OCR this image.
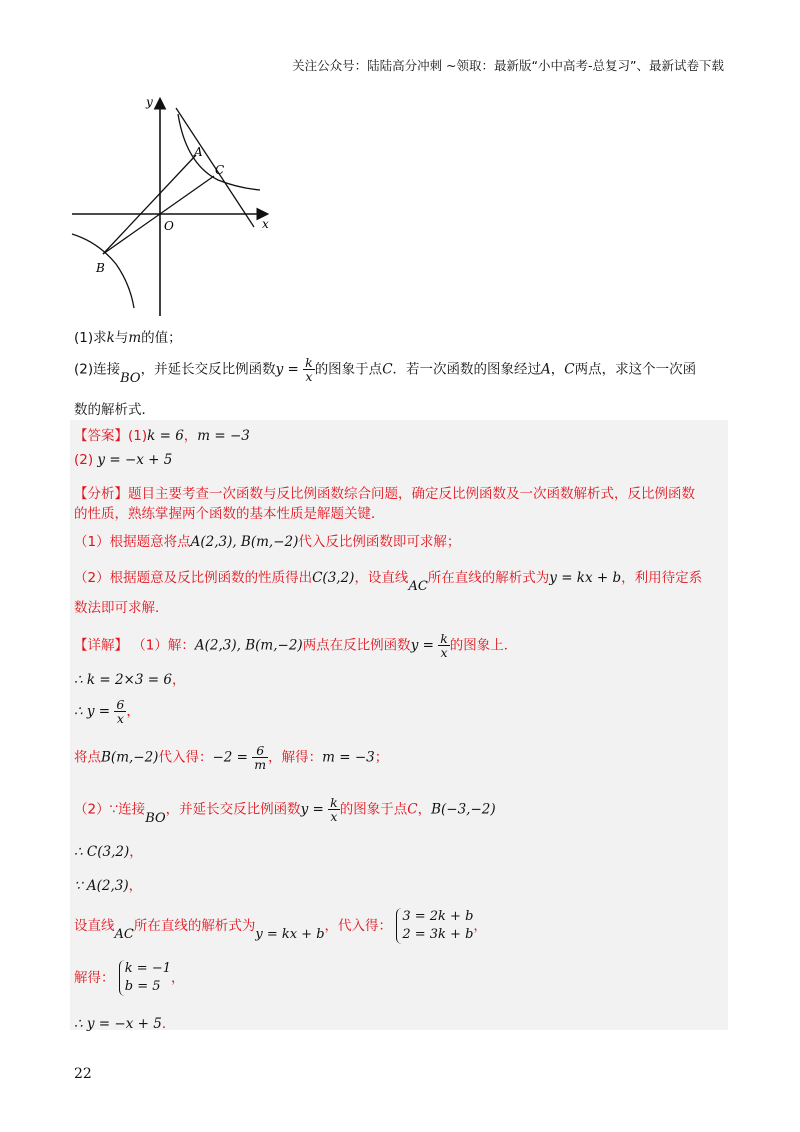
关注公众号：陆陆高分冲刺 ~领取：最新版“小中高考-总复习”、最新试卷下载
y
x
O
A
C
B
(1)求k与m的值；
(2)连接BO，并延长交反比例函数$y = \frac{k}{x}$ 的图象于点C．若一次函数的图象经过A，C两点，求这个一次函
数的解析式．
【答案】(1)k = 6，m = −3
(2) y = −x + 5
【分析】题目主要考查一次函数与反比例函数综合问题，确定反比例函数及一次函数解析式，反比例函数
的性质，熟练掌握两个函数的基本性质是解题关键．
（1）根据题意将点A(2,3), B(m,−2)代入反比例函数即可求解；
（2）根据题意及反比例函数的性质得出C(3,2)，设直线AC所在直线的解析式为y = kx + b，利用待定系
数法即可求解．
【详解】 （1）解：A(2,3), B(m,−2)两点在反比例函数$y = \frac{k}{x}$ 的图象上．
∴ k = 2×3 = 6，
∴ $y = \frac{6}{x}$ ，
将点B(m,−2)代入得：$-2 = \frac{6}{m}$ ，解得：m = −3；
（2）∵连接BO，并延长交反比例函数$y = \frac{k}{x}$ 的图象于点C，B(−3,−2)
∴ C(3,2)，
∵ A(2,3)，
设直线AC所在直线的解析式为y = kx + b，代入得：
3 = 2k + b
2 = 3k + b
，
解得：
k = −1
b = 5
，
∴ y = −x + 5．
22
